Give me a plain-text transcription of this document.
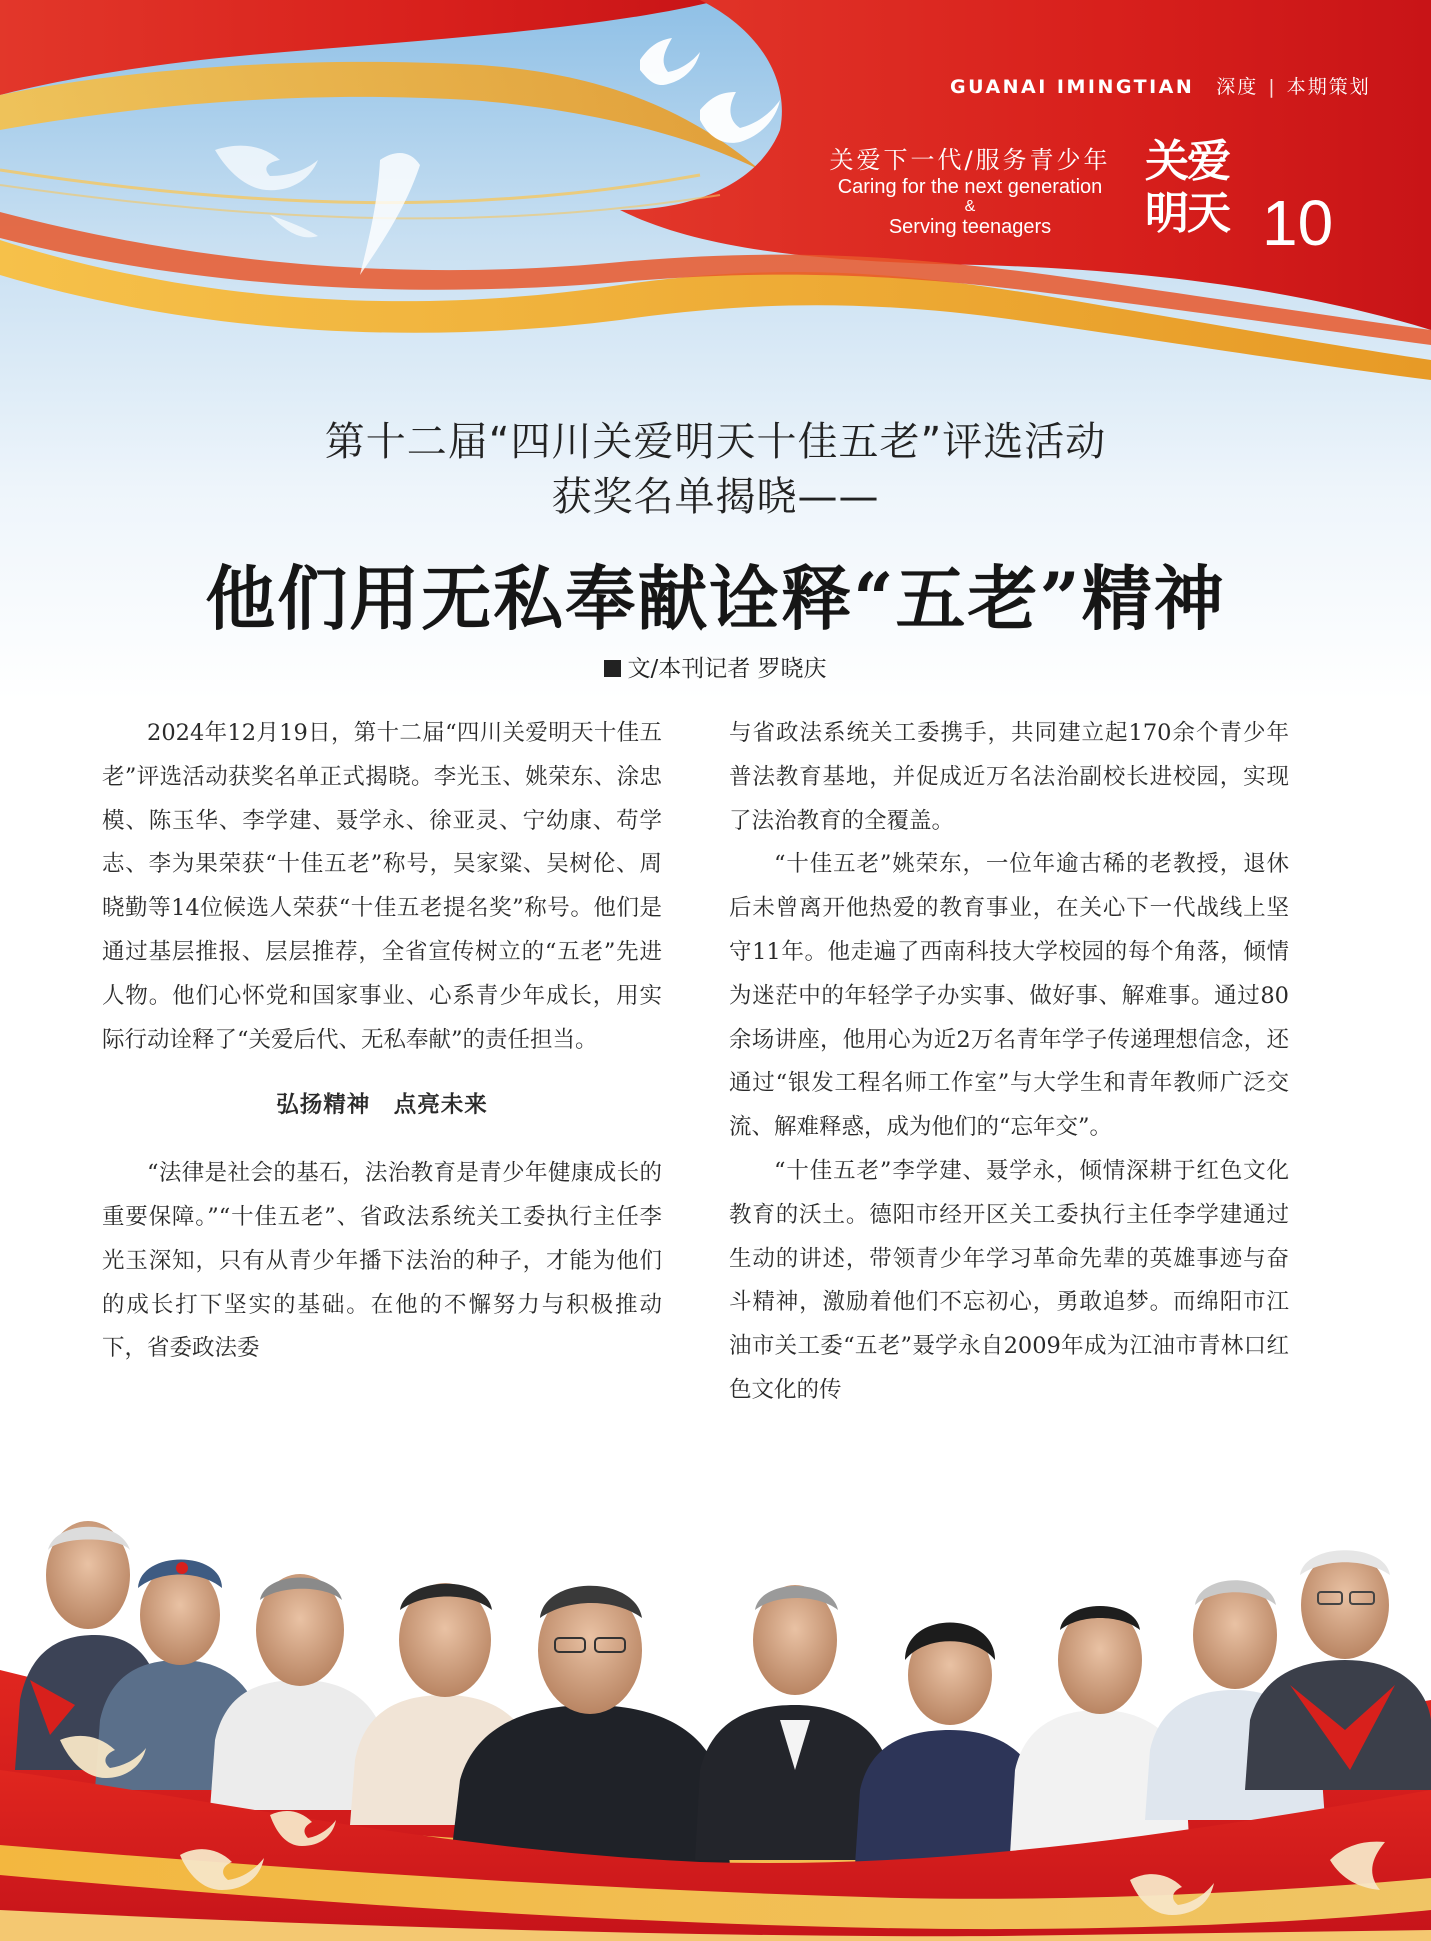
GUANAI IMINGTIAN 深度 | 本期策划
关爱下一代/服务青少年
Caring for the next generation
&
Serving teenagers
关爱
明天 10
第十二届“四川关爱明天十佳五老”评选活动
获奖名单揭晓——
他们用无私奉献诠释“五老”精神
文/本刊记者 罗晓庆

2024年12月19日，第十二届“四川关爱明天十佳五老”评选活动获奖名单正式揭晓。李光玉、姚荣东、涂忠模、陈玉华、李学建、聂学永、徐亚灵、宁幼康、苟学志、李为果荣获“十佳五老”称号，吴家粱、吴树伦、周晓勤等14位候选人荣获“十佳五老提名奖”称号。他们是通过基层推报、层层推荐，全省宣传树立的“五老”先进人物。他们心怀党和国家事业、心系青少年成长，用实际行动诠释了“关爱后代、无私奉献”的责任担当。

弘扬精神　点亮未来

“法律是社会的基石，法治教育是青少年健康成长的重要保障。”“十佳五老”、省政法系统关工委执行主任李光玉深知，只有从青少年播下法治的种子，才能为他们的成长打下坚实的基础。在他的不懈努力与积极推动下，省委政法委

与省政法系统关工委携手，共同建立起170余个青少年普法教育基地，并促成近万名法治副校长进校园，实现了法治教育的全覆盖。

“十佳五老”姚荣东，一位年逾古稀的老教授，退休后未曾离开他热爱的教育事业，在关心下一代战线上坚守11年。他走遍了西南科技大学校园的每个角落，倾情为迷茫中的年轻学子办实事、做好事、解难事。通过80余场讲座，他用心为近2万名青年学子传递理想信念，还通过“银发工程名师工作室”与大学生和青年教师广泛交流、解难释惑，成为他们的“忘年交”。

“十佳五老”李学建、聂学永，倾情深耕于红色文化教育的沃土。德阳市经开区关工委执行主任李学建通过生动的讲述，带领青少年学习革命先辈的英雄事迹与奋斗精神，激励着他们不忘初心，勇敢追梦。而绵阳市江油市关工委“五老”聂学永自2009年成为江油市青林口红色文化的传
